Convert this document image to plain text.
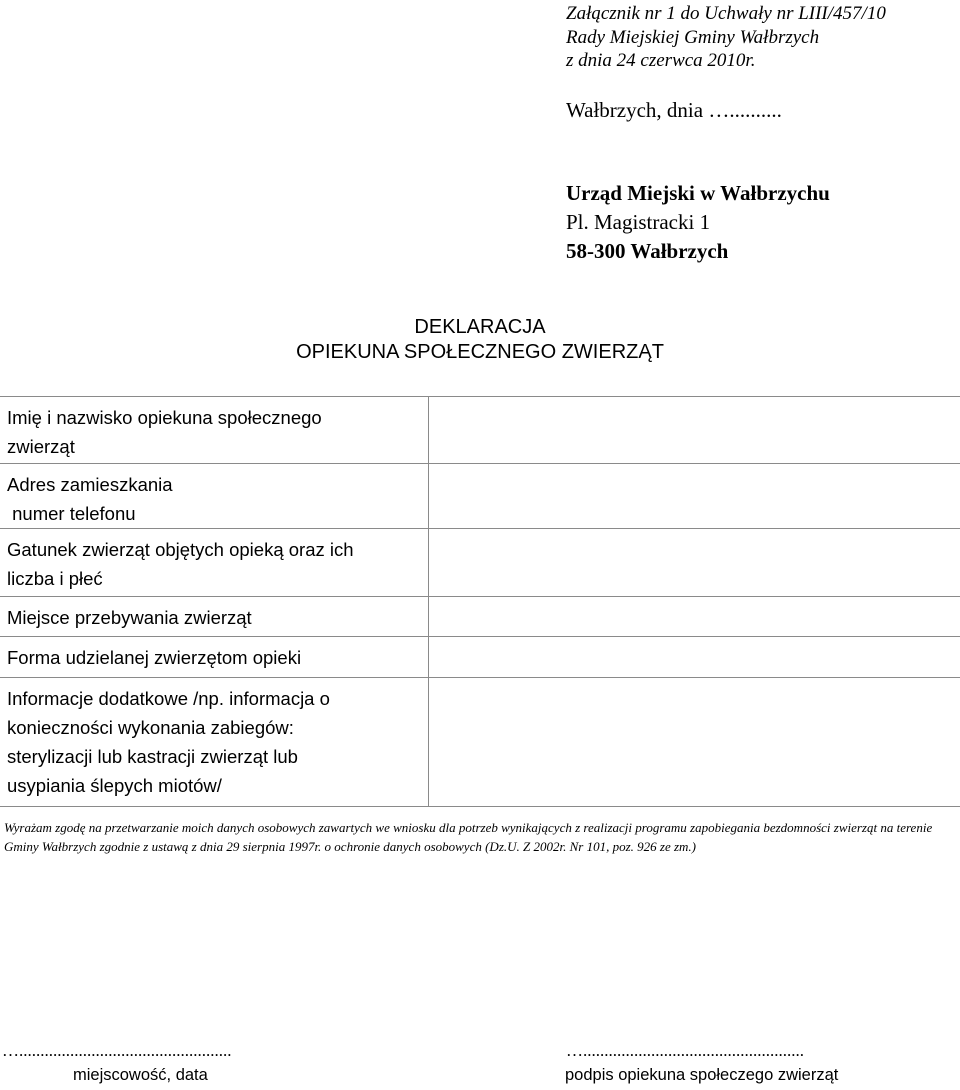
Załącznik nr 1 do Uchwały nr LIII/457/10
Rady Miejskiej Gminy Wałbrzych
z dnia 24 czerwca 2010r.
Wałbrzych, dnia …..........
Urząd Miejski w Wałbrzychu
Pl. Magistracki 1
58-300 Wałbrzych
DEKLARACJA
OPIEKUNA SPOŁECZNEGO ZWIERZĄT
Imię i nazwisko opiekuna społecznego
zwierząt	

Adres zamieszkania
numer telefonu	

Gatunek zwierząt objętych opieką oraz ich
liczba i płeć	

Miejsce przebywania zwierząt	

Forma udzielanej zwierzętom opieki	

Informacje dodatkowe /np. informacja o
konieczności wykonania zabiegów:
sterylizacji lub kastracji zwierząt lub
usypiania ślepych miotów/	

Wyrażam zgodę na przetwarzanie moich danych osobowych zawartych we wniosku dla potrzeb wynikających z realizacji programu zapobiegania bezdomności zwierząt na terenie Gminy Wałbrzych zgodnie z ustawą z dnia 29 sierpnia 1997r. o ochronie danych osobowych (Dz.U. Z 2002r. Nr 101, poz. 926 ze zm.)
…..................................................
miejscowość, data
…....................................................
podpis opiekuna społeczego zwierząt
